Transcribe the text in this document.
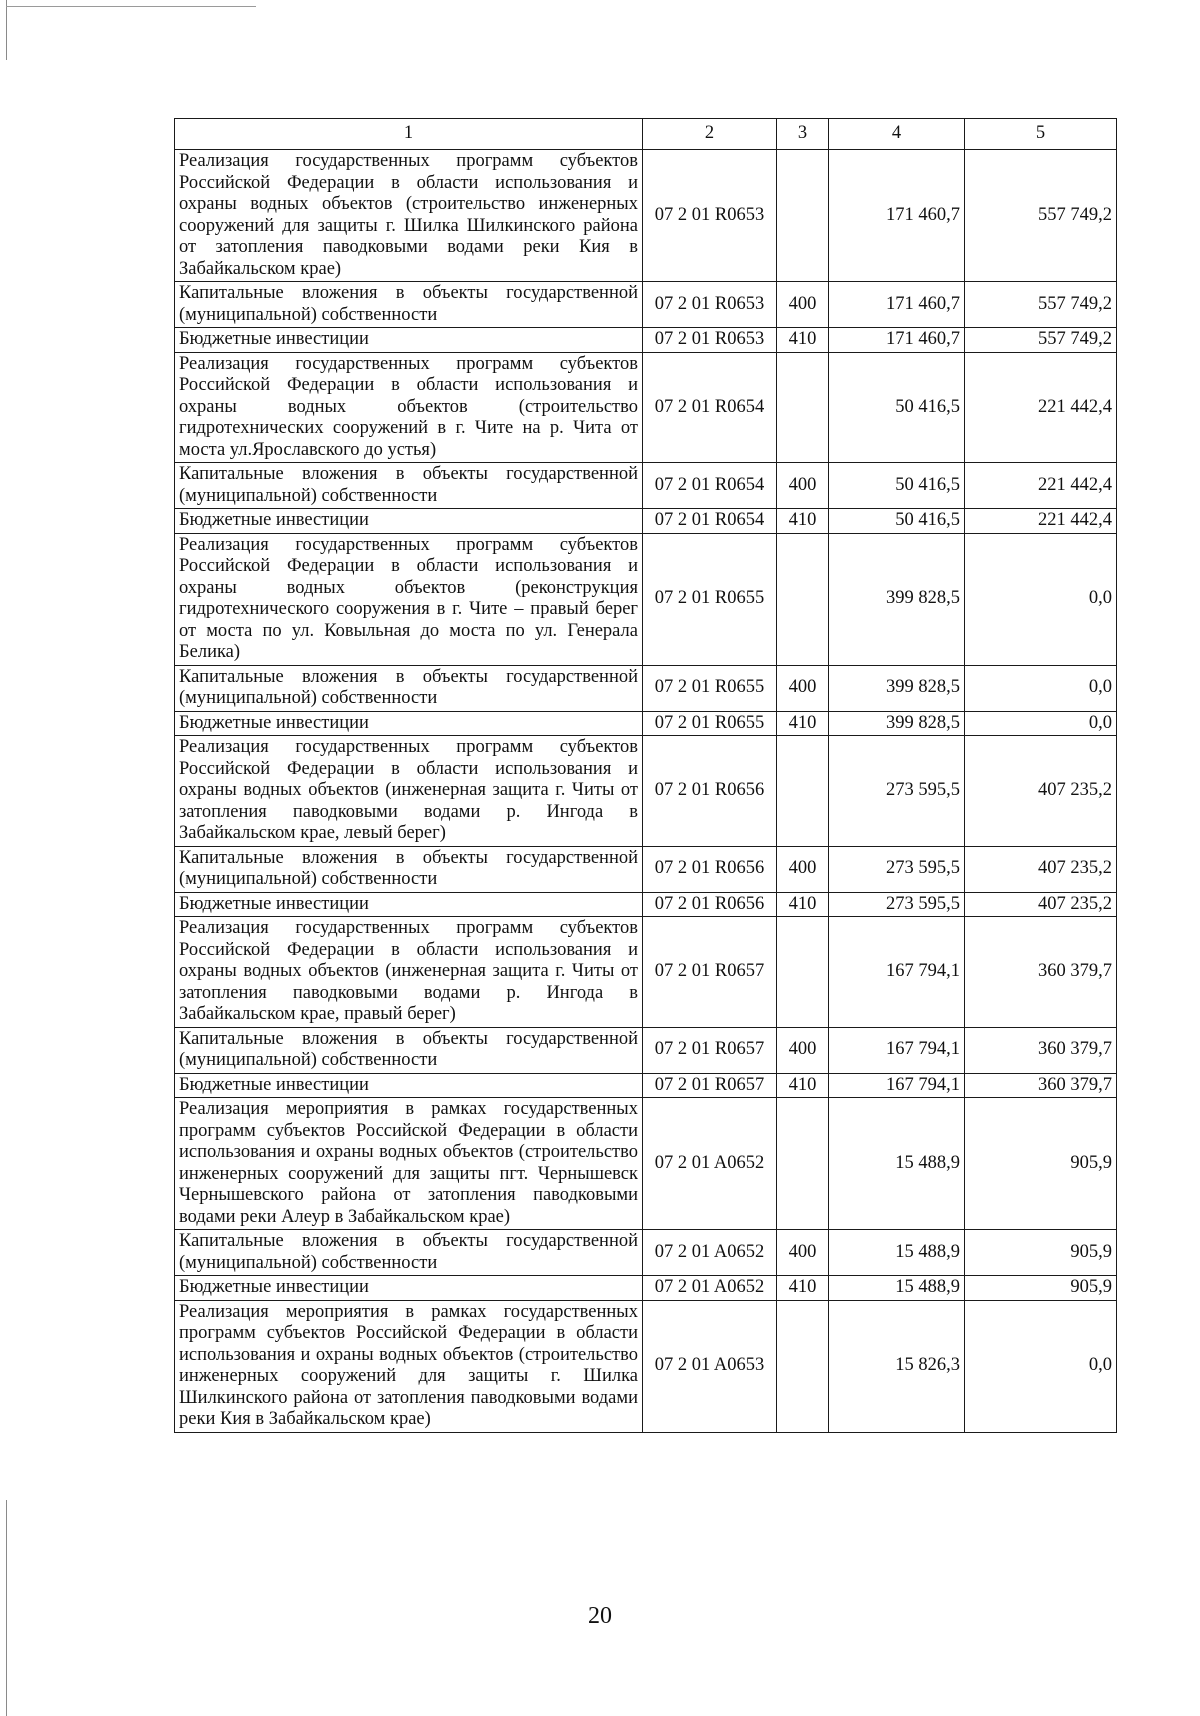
1	2	3	4	5
Реализация государственных программ субъектов Российской Федерации в области использования и охраны водных объектов (строительство инженерных сооружений для защиты г. Шилка Шилкинского района от затопления паводковыми водами реки Кия в Забайкальском крае)	07 2 01 R0653		171 460,7	557 749,2
Капитальные вложения в объекты государственной (муниципальной) собственности	07 2 01 R0653	400	171 460,7	557 749,2
Бюджетные инвестиции	07 2 01 R0653	410	171 460,7	557 749,2
Реализация государственных программ субъектов Российской Федерации в области использования и охраны водных объектов (строительство гидротехнических сооружений в г. Чите на р. Чита от моста ул.Ярославского до устья)	07 2 01 R0654		50 416,5	221 442,4
Капитальные вложения в объекты государственной (муниципальной) собственности	07 2 01 R0654	400	50 416,5	221 442,4
Бюджетные инвестиции	07 2 01 R0654	410	50 416,5	221 442,4
Реализация государственных программ субъектов Российской Федерации в области использования и охраны водных объектов (реконструкция гидротехнического сооружения в г. Чите – правый берег от моста по ул. Ковыльная до моста по ул. Генерала Белика)	07 2 01 R0655		399 828,5	0,0
Капитальные вложения в объекты государственной (муниципальной) собственности	07 2 01 R0655	400	399 828,5	0,0
Бюджетные инвестиции	07 2 01 R0655	410	399 828,5	0,0
Реализация государственных программ субъектов Российской Федерации в области использования и охраны водных объектов (инженерная защита г. Читы от затопления паводковыми водами р. Ингода в Забайкальском крае, левый берег)	07 2 01 R0656		273 595,5	407 235,2
Капитальные вложения в объекты государственной (муниципальной) собственности	07 2 01 R0656	400	273 595,5	407 235,2
Бюджетные инвестиции	07 2 01 R0656	410	273 595,5	407 235,2
Реализация государственных программ субъектов Российской Федерации в области использования и охраны водных объектов (инженерная защита г. Читы от затопления паводковыми водами р. Ингода в Забайкальском крае, правый берег)	07 2 01 R0657		167 794,1	360 379,7
Капитальные вложения в объекты государственной (муниципальной) собственности	07 2 01 R0657	400	167 794,1	360 379,7
Бюджетные инвестиции	07 2 01 R0657	410	167 794,1	360 379,7
Реализация мероприятия в рамках государственных программ субъектов Российской Федерации в области использования и охраны водных объектов (строительство инженерных сооружений для защиты пгт. Чернышевск Чернышевского района от затопления паводковыми водами реки Алеур в Забайкальском крае)	07 2 01 A0652		15 488,9	905,9
Капитальные вложения в объекты государственной (муниципальной) собственности	07 2 01 A0652	400	15 488,9	905,9
Бюджетные инвестиции	07 2 01 A0652	410	15 488,9	905,9
Реализация мероприятия в рамках государственных программ субъектов Российской Федерации в области использования и охраны водных объектов (строительство инженерных сооружений для защиты г. Шилка Шилкинского района от затопления паводковыми водами реки Кия в Забайкальском крае)	07 2 01 A0653		15 826,3	0,0
20
